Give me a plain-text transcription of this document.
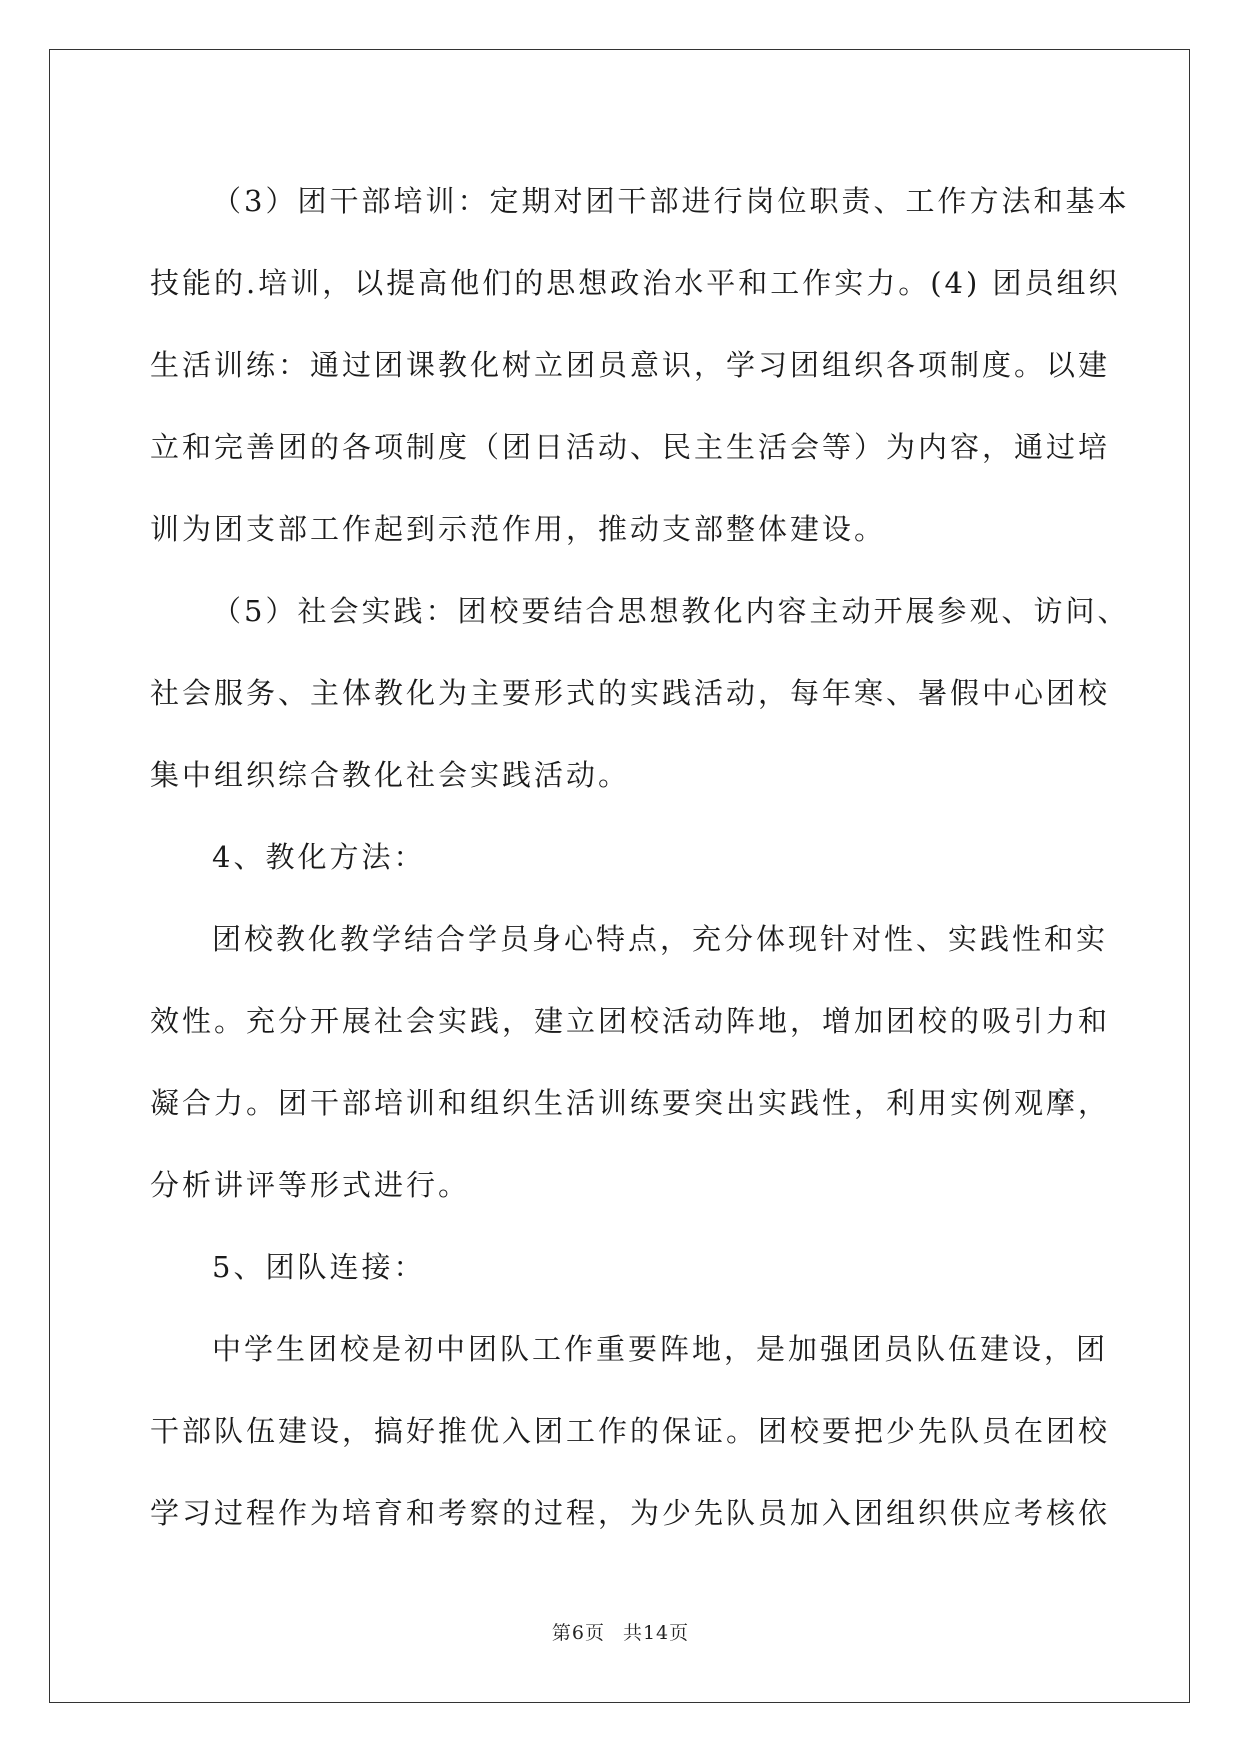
（3）团干部培训：定期对团干部进行岗位职责、工作方法和基本
技能的.培训，以提高他们的思想政治水平和工作实力。(4) 团员组织
生活训练：通过团课教化树立团员意识，学习团组织各项制度。以建
立和完善团的各项制度（团日活动、民主生活会等）为内容，通过培
训为团支部工作起到示范作用，推动支部整体建设。

（5）社会实践：团校要结合思想教化内容主动开展参观、访问、
社会服务、主体教化为主要形式的实践活动，每年寒、暑假中心团校
集中组织综合教化社会实践活动。

4、教化方法：

团校教化教学结合学员身心特点，充分体现针对性、实践性和实
效性。充分开展社会实践，建立团校活动阵地，增加团校的吸引力和
凝合力。团干部培训和组织生活训练要突出实践性，利用实例观摩，
分析讲评等形式进行。

5、团队连接：

中学生团校是初中团队工作重要阵地，是加强团员队伍建设，团
干部队伍建设，搞好推优入团工作的保证。团校要把少先队员在团校
学习过程作为培育和考察的过程，为少先队员加入团组织供应考核依

第6页 共14页
